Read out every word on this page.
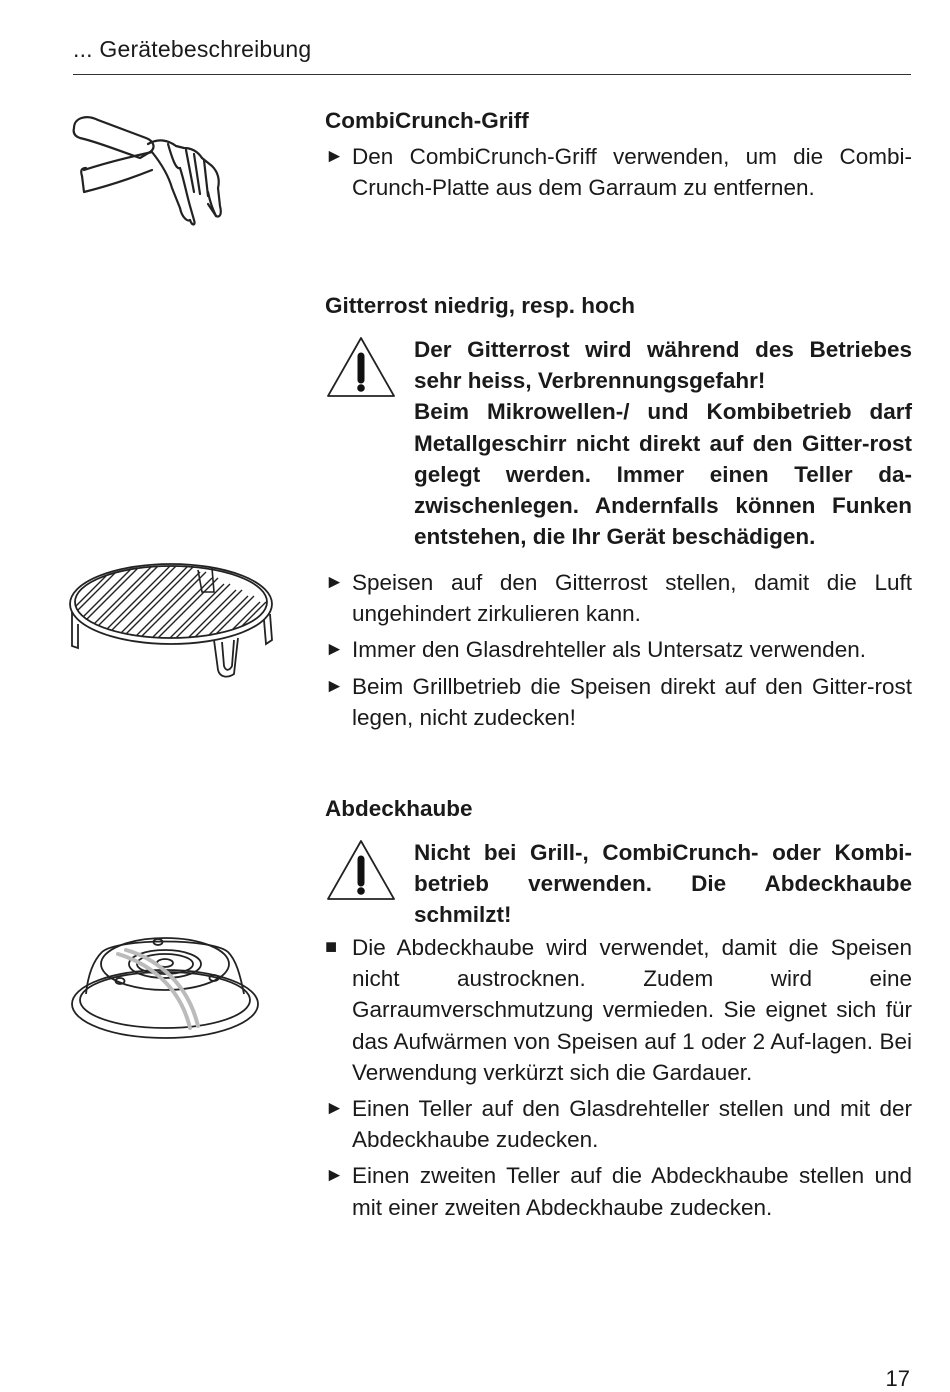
... Gerätebeschreibung
CombiCrunch-Griff
► Den CombiCrunch-Griff verwenden, um die Combi-Crunch-Platte aus dem Garraum zu entfernen.
Gitterrost niedrig, resp. hoch
Der Gitterrost wird während des Betriebes sehr heiss, Verbrennungsgefahr!
Beim Mikrowellen-/ und Kombibetrieb darf Metallgeschirr nicht direkt auf den Gitter-rost gelegt werden. Immer einen Teller da-zwischenlegen. Andernfalls können Funken entstehen, die Ihr Gerät beschädigen.
► Speisen auf den Gitterrost stellen, damit die Luft ungehindert zirkulieren kann.
► Immer den Glasdrehteller als Untersatz verwenden.
► Beim Grillbetrieb die Speisen direkt auf den Gitter-rost legen, nicht zudecken!
Abdeckhaube
Nicht bei Grill-, CombiCrunch- oder Kombi-betrieb verwenden. Die Abdeckhaube schmilzt!
■ Die Abdeckhaube wird verwendet, damit die Speisen nicht austrocknen. Zudem wird eine Garraumverschmutzung vermieden. Sie eignet sich für das Aufwärmen von Speisen auf 1 oder 2 Auf-lagen. Bei Verwendung verkürzt sich die Gardauer.
► Einen Teller auf den Glasdrehteller stellen und mit der Abdeckhaube zudecken.
► Einen zweiten Teller auf die Abdeckhaube stellen und mit einer zweiten Abdeckhaube zudecken.
17
